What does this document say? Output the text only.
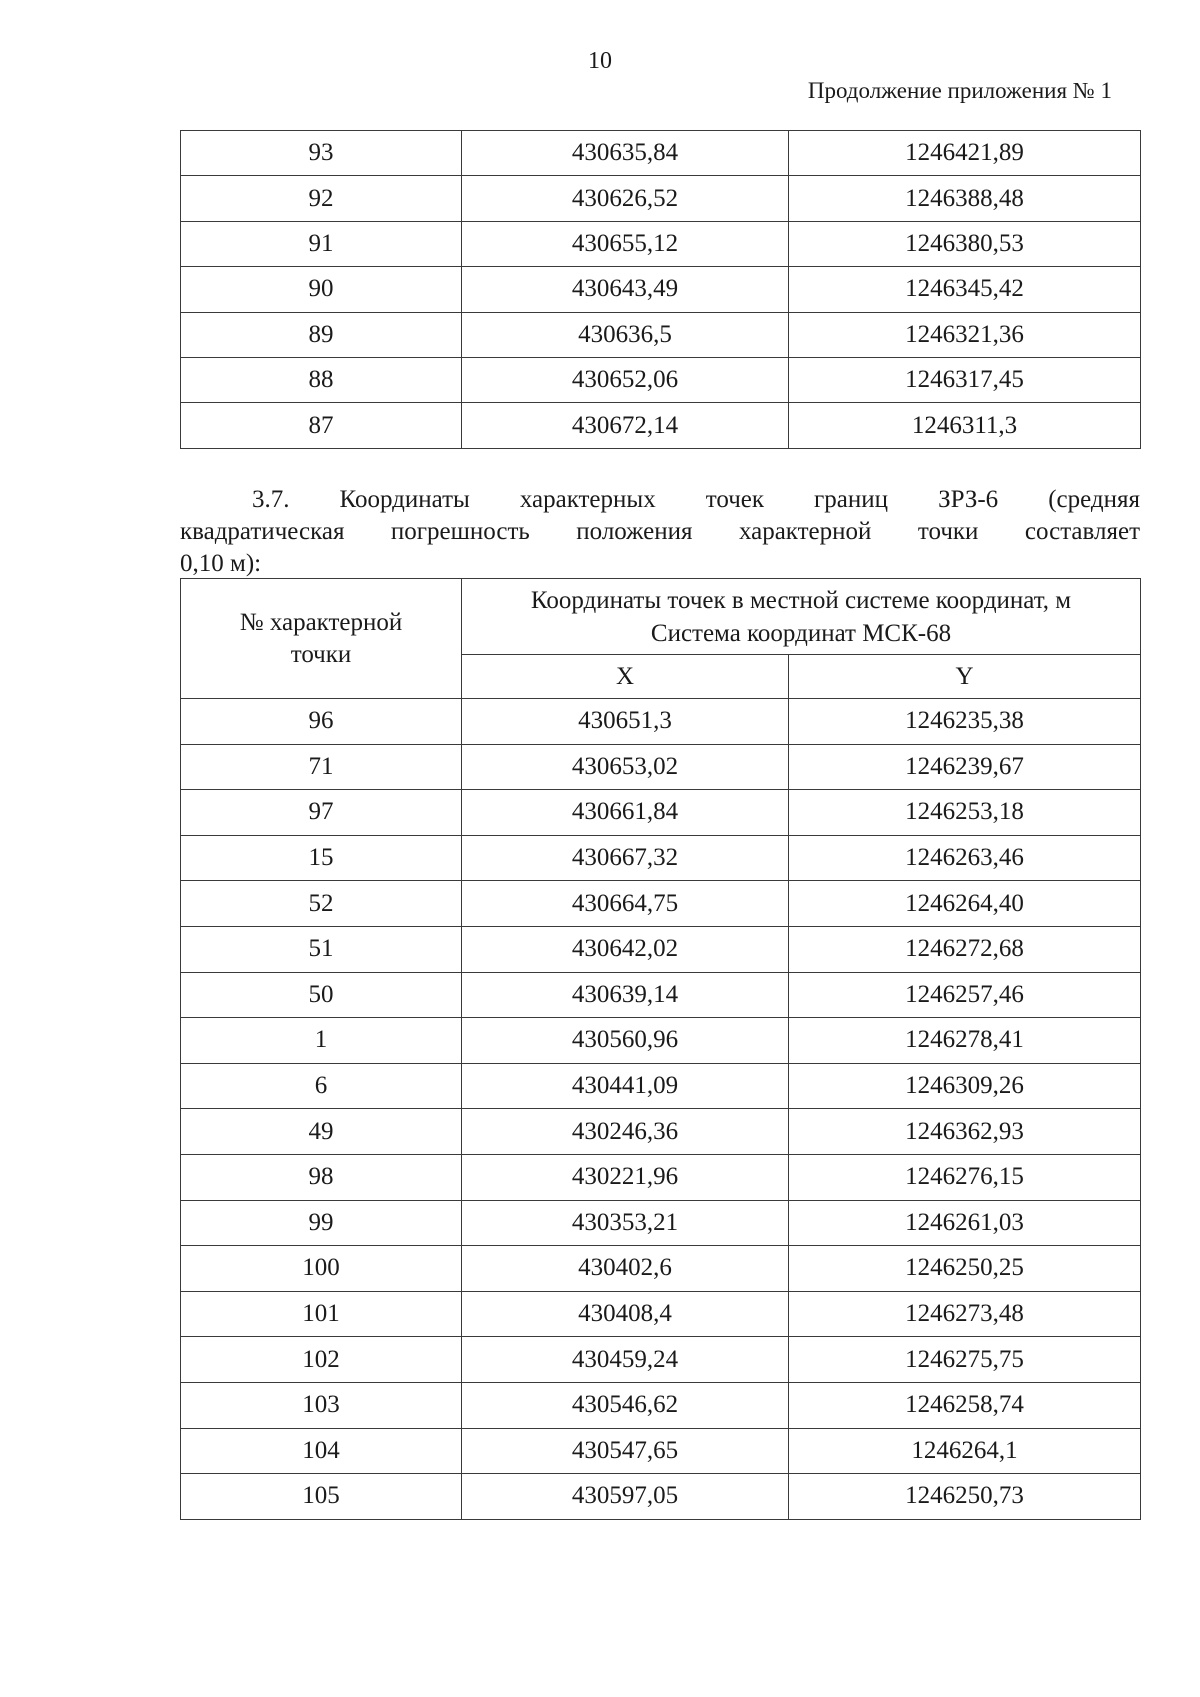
10
Продолжение приложения № 1
93	430635,84	1246421,89
92	430626,52	1246388,48
91	430655,12	1246380,53
90	430643,49	1246345,42
89	430636,5	1246321,36
88	430652,06	1246317,45
87	430672,14	1246311,3
3.7. Координаты характерных точек границ ЗРЗ-6 (средняя
квадратическая погрешность положения характерной точки составляет
0,10 м):
№ характерной точки	Координаты точек в местной системе координат, м
Система координат МСК-68	

	X	Y
96	430651,3	1246235,38
71	430653,02	1246239,67
97	430661,84	1246253,18
15	430667,32	1246263,46
52	430664,75	1246264,40
51	430642,02	1246272,68
50	430639,14	1246257,46
1	430560,96	1246278,41
6	430441,09	1246309,26
49	430246,36	1246362,93
98	430221,96	1246276,15
99	430353,21	1246261,03
100	430402,6	1246250,25
101	430408,4	1246273,48
102	430459,24	1246275,75
103	430546,62	1246258,74
104	430547,65	1246264,1
105	430597,05	1246250,73
